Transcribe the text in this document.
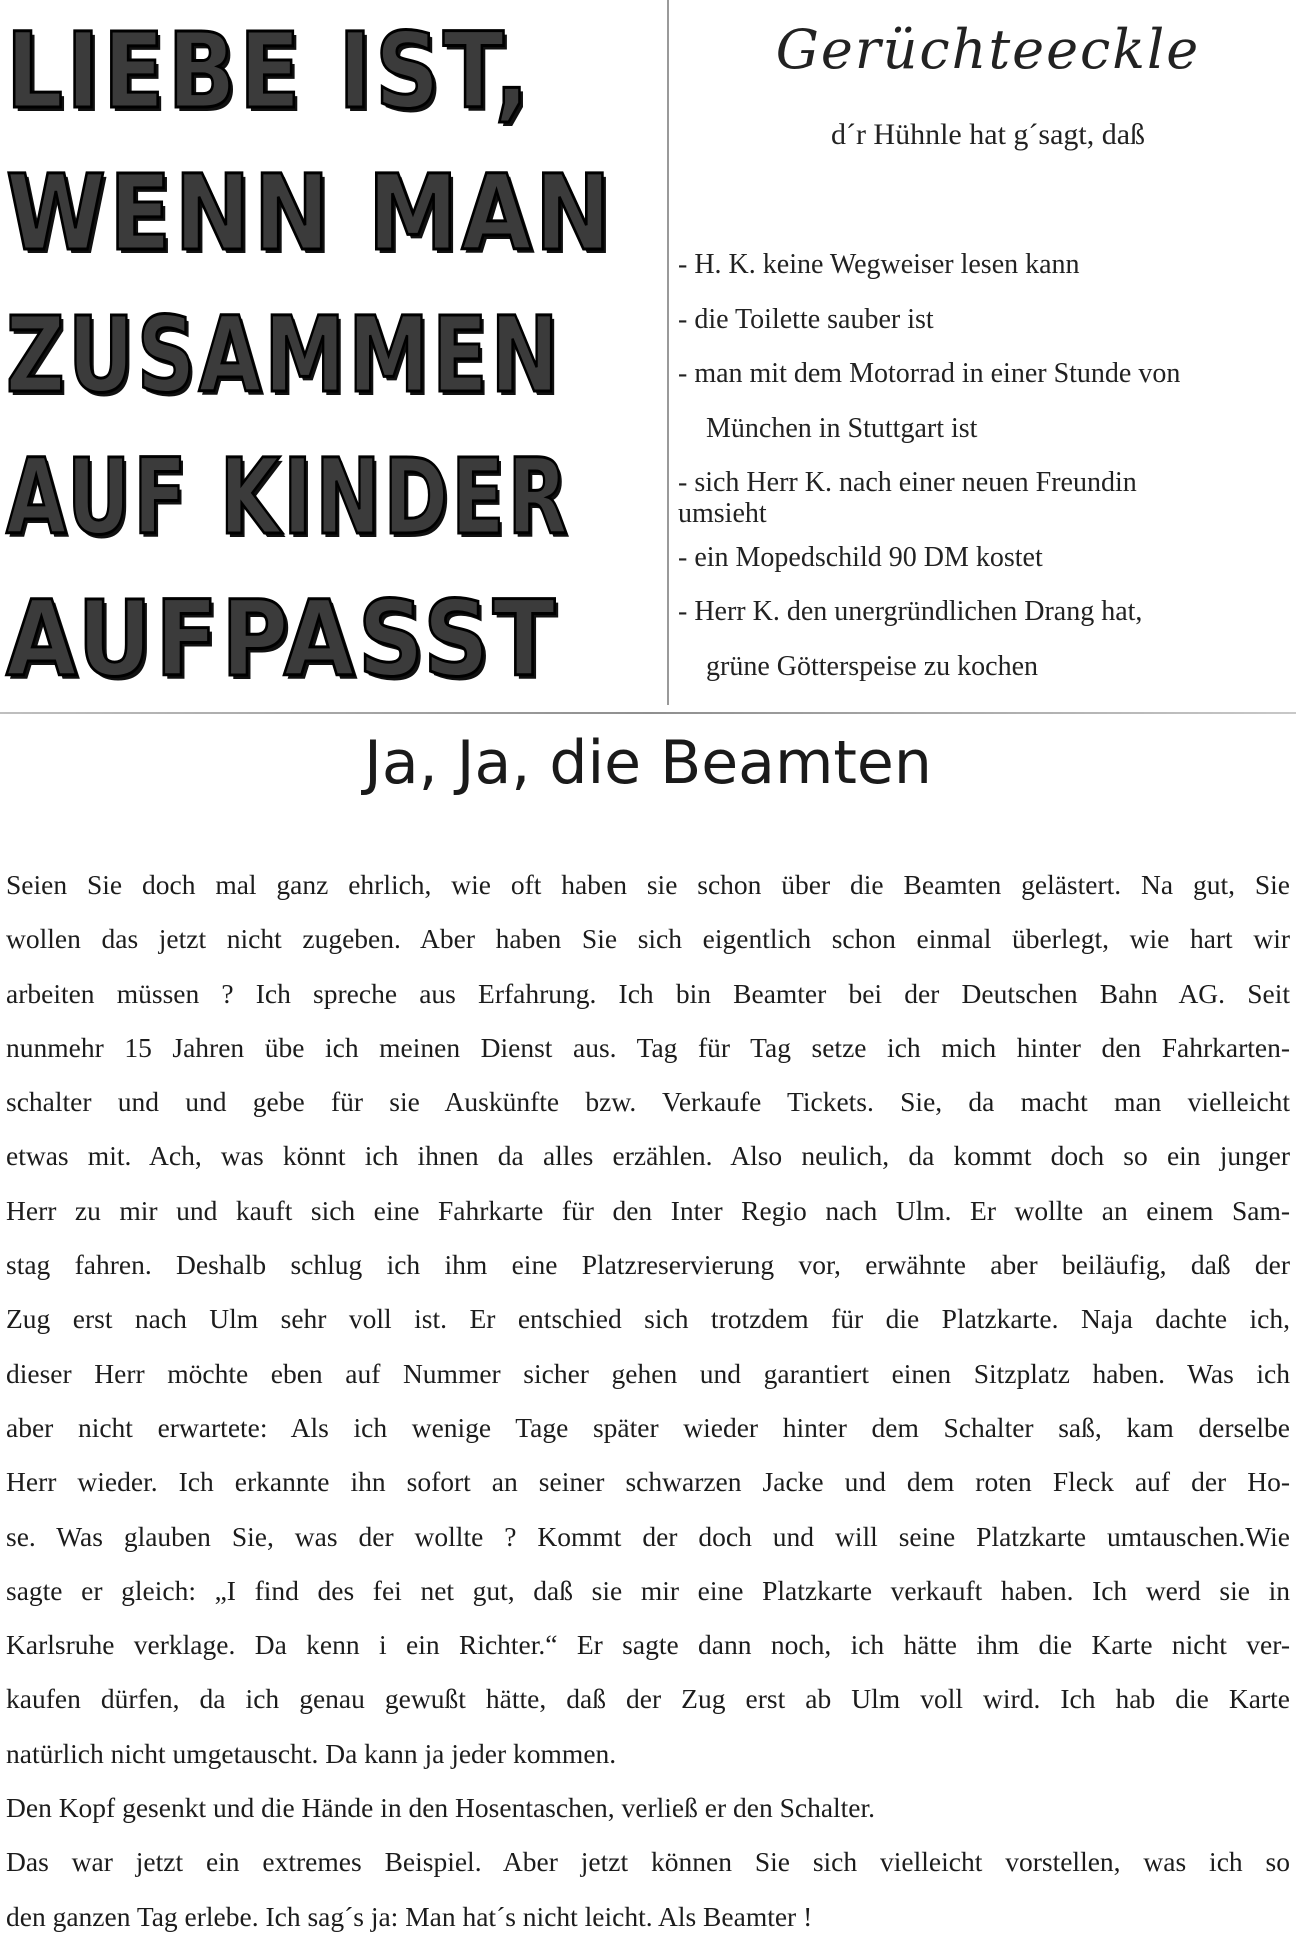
LIEBE IST,
WENN MAN
ZUSAMMEN
AUF KINDER
AUFPASST
Gerüchteeckle
d´r Hühnle hat g´sagt, daß
- H. K. keine Wegweiser lesen kann
- die Toilette sauber ist
- man mit dem Motorrad in einer Stunde von
München in Stuttgart ist
- sich Herr K. nach einer neuen Freundin
umsieht
- ein Mopedschild 90 DM kostet
- Herr K. den unergründlichen Drang hat,
grüne Götterspeise zu kochen
Ja, Ja, die Beamten
Seien Sie doch mal ganz ehrlich, wie oft haben sie schon über die Beamten gelästert. Na gut, Sie
wollen das jetzt nicht zugeben. Aber haben Sie sich eigentlich schon einmal überlegt, wie hart wir
arbeiten müssen ? Ich spreche aus Erfahrung. Ich bin Beamter bei der Deutschen Bahn AG. Seit
nunmehr 15 Jahren übe ich meinen Dienst aus. Tag für Tag setze ich mich hinter den Fahrkarten-
schalter und und gebe für sie Auskünfte bzw. Verkaufe Tickets. Sie, da macht man vielleicht
etwas mit. Ach, was könnt ich ihnen da alles erzählen. Also neulich, da kommt doch so ein junger
Herr zu mir und kauft sich eine Fahrkarte für den Inter Regio nach Ulm. Er wollte an einem Sam-
stag fahren. Deshalb schlug ich ihm eine Platzreservierung vor, erwähnte aber beiläufig, daß der
Zug erst nach Ulm sehr voll ist. Er entschied sich trotzdem für die Platzkarte. Naja dachte ich,
dieser Herr möchte eben auf Nummer sicher gehen und garantiert einen Sitzplatz haben. Was ich
aber nicht erwartete: Als ich wenige Tage später wieder hinter dem Schalter saß, kam derselbe
Herr wieder. Ich erkannte ihn sofort an seiner schwarzen Jacke und dem roten Fleck auf der Ho-
se. Was glauben Sie, was der wollte ? Kommt der doch und will seine Platzkarte umtauschen.Wie
sagte er gleich: „I find des fei net gut, daß sie mir eine Platzkarte verkauft haben. Ich werd sie in
Karlsruhe verklage. Da kenn i ein Richter.“ Er sagte dann noch, ich hätte ihm die Karte nicht ver-
kaufen dürfen, da ich genau gewußt hätte, daß der Zug erst ab Ulm voll wird. Ich hab die Karte
natürlich nicht umgetauscht. Da kann ja jeder kommen.
Den Kopf gesenkt und die Hände in den Hosentaschen, verließ er den Schalter.
Das war jetzt ein extremes Beispiel. Aber jetzt können Sie sich vielleicht vorstellen, was ich so
den ganzen Tag erlebe. Ich sag´s ja: Man hat´s nicht leicht. Als Beamter !
